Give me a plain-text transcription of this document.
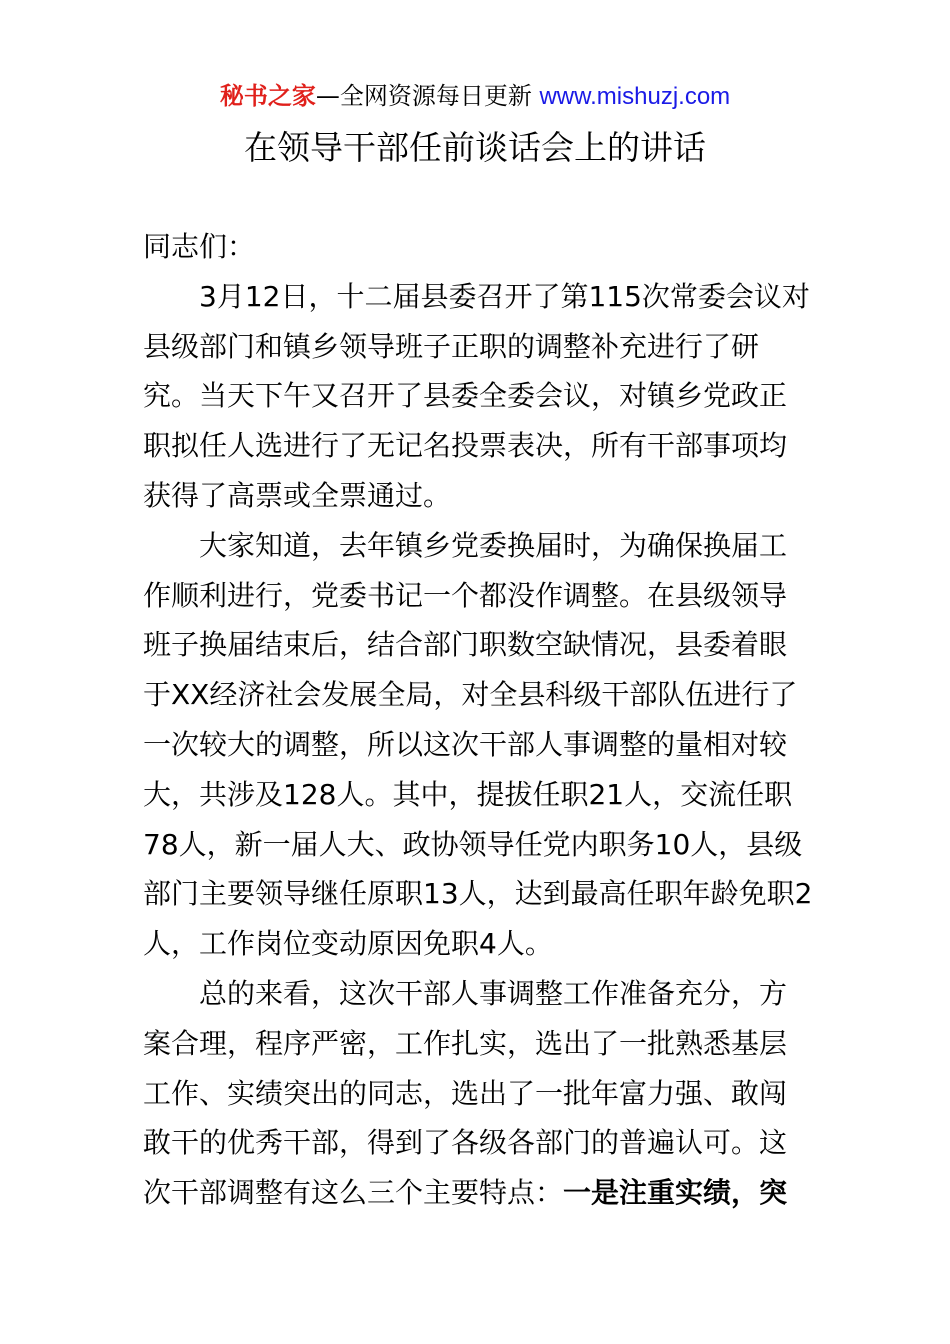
秘书之家—全网资源每日更新 www.mishuzj.com
在领导干部任前谈话会上的讲话

同志们：

3月12日，十二届县委召开了第115次常委会议对县级部门和镇乡领导班子正职的调整补充进行了研究。当天下午又召开了县委全委会议，对镇乡党政正职拟任人选进行了无记名投票表决，所有干部事项均获得了高票或全票通过。

大家知道，去年镇乡党委换届时，为确保换届工作顺利进行，党委书记一个都没作调整。在县级领导班子换届结束后，结合部门职数空缺情况，县委着眼于XX经济社会发展全局，对全县科级干部队伍进行了一次较大的调整，所以这次干部人事调整的量相对较大，共涉及128人。其中，提拔任职21人，交流任职78人，新一届人大、政协领导任党内职务10人，县级部门主要领导继任原职13人，达到最高任职年龄免职2人，工作岗位变动原因免职4人。

总的来看，这次干部人事调整工作准备充分，方案合理，程序严密，工作扎实，选出了一批熟悉基层工作、实绩突出的同志，选出了一批年富力强、敢闯敢干的优秀干部，得到了各级各部门的普遍认可。这次干部调整有这么三个主要特点：一是注重实绩，突
